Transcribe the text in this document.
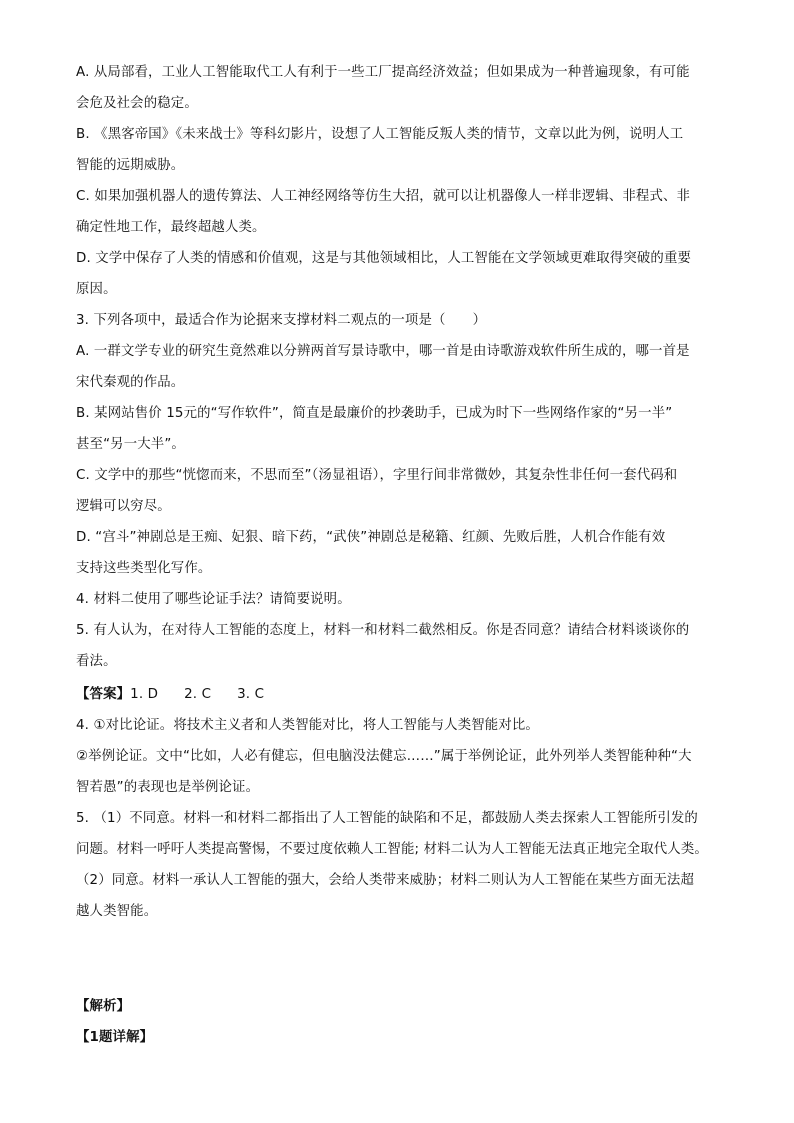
A. 从局部看，工业人工智能取代工人有利于一些工厂提高经济效益；但如果成为一种普遍现象，有可能
会危及社会的稳定。
B. 《黑客帝国》《未来战士》等科幻影片，设想了人工智能反叛人类的情节，文章以此为例，说明人工
智能的远期威胁。
C. 如果加强机器人的遗传算法、人工神经网络等仿生大招，就可以让机器像人一样非逻辑、非程式、非
确定性地工作，最终超越人类。
D. 文学中保存了人类的情感和价值观，这是与其他领域相比，人工智能在文学领域更难取得突破的重要
原因。
3. 下列各项中，最适合作为论据来支撑材料二观点的一项是（　　）
A. 一群文学专业的研究生竟然难以分辨两首写景诗歌中，哪一首是由诗歌游戏软件所生成的，哪一首是
宋代秦观的作品。
B. 某网站售价 15元的“写作软件”，简直是最廉价的抄袭助手，已成为时下一些网络作家的“另一半”
甚至“另一大半”。
C. 文学中的那些“恍惚而来，不思而至”（汤显祖语），字里行间非常微妙，其复杂性非任何一套代码和
逻辑可以穷尽。
D. “宫斗”神剧总是王痴、妃狠、暗下药，“武侠”神剧总是秘籍、红颜、先败后胜，人机合作能有效
支持这些类型化写作。
4. 材料二使用了哪些论证手法？请简要说明。
5. 有人认为，在对待人工智能的态度上，材料一和材料二截然相反。你是否同意？请结合材料谈谈你的
看法。
【答案】1. D 2. C 3. C
4. ①对比论证。将技术主义者和人类智能对比，将人工智能与人类智能对比。
②举例论证。文中“比如，人必有健忘，但电脑没法健忘……”属于举例论证，此外列举人类智能种种“大
智若愚”的表现也是举例论证。
5. （1）不同意。材料一和材料二都指出了人工智能的缺陷和不足，都鼓励人类去探索人工智能所引发的
问题。材料一呼吁人类提高警惕，不要过度依赖人工智能; 材料二认为人工智能无法真正地完全取代人类。
（2）同意。材料一承认人工智能的强大，会给人类带来威胁；材料二则认为人工智能在某些方面无法超
越人类智能。
【解析】
【1题详解】
